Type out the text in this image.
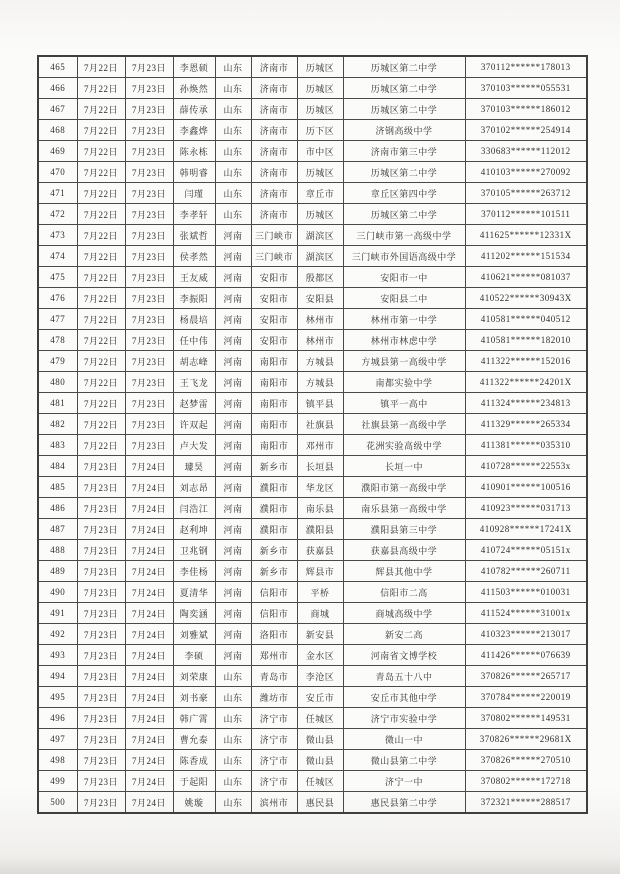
465	7月22日	7月23日	李恩硕	山东	济南市	历城区	历城区第二中学	370112******178013
466	7月22日	7月23日	孙焕然	山东	济南市	历城区	历城区第二中学	370103******055531
467	7月22日	7月23日	薛传承	山东	济南市	历城区	历城区第二中学	370103******186012
468	7月22日	7月23日	李鑫烨	山东	济南市	历下区	济钢高级中学	370102******254914
469	7月22日	7月23日	陈永栋	山东	济南市	市中区	济南市第三中学	330683******112012
470	7月22日	7月23日	韩明睿	山东	济南市	历城区	历城区第二中学	410103******270092
471	7月22日	7月23日	闫瑾	山东	济南市	章丘市	章丘区第四中学	370105******263712
472	7月22日	7月23日	李孝轩	山东	济南市	历城区	历城区第二中学	370112******101511
473	7月22日	7月23日	张斌哲	河南	三门峡市	湖滨区	三门峡市第一高级中学	411625******12331X
474	7月22日	7月23日	侯孝然	河南	三门峡市	湖滨区	三门峡市外国语高级中学	411202******151534
475	7月22日	7月23日	王友威	河南	安阳市	殷都区	安阳市一中	410621******081037
476	7月22日	7月23日	李振阳	河南	安阳市	安阳县	安阳县二中	410522******30943X
477	7月22日	7月23日	杨晨培	河南	安阳市	林州市	林州市第一中学	410581******040512
478	7月22日	7月23日	任中伟	河南	安阳市	林州市	林州市林虑中学	410581******182010
479	7月22日	7月23日	胡志峰	河南	南阳市	方城县	方城县第一高级中学	411322******152016
480	7月22日	7月23日	王飞龙	河南	南阳市	方城县	南都实验中学	411322******24201X
481	7月22日	7月23日	赵梦雷	河南	南阳市	镇平县	镇平一高中	411324******234813
482	7月22日	7月23日	许双起	河南	南阳市	社旗县	社旗县第一高级中学	411329******265334
483	7月22日	7月23日	卢大发	河南	南阳市	邓州市	花洲实验高级中学	411381******035310
484	7月23日	7月24日	璩昊	河南	新乡市	长垣县	长垣一中	410728******22553x
485	7月23日	7月24日	刘志昂	河南	濮阳市	华龙区	濮阳市第一高级中学	410901******100516
486	7月23日	7月24日	闫浩江	河南	濮阳市	南乐县	南乐县第一高级中学	410923******031713
487	7月23日	7月24日	赵利坤	河南	濮阳市	濮阳县	濮阳县第三中学	410928******17241X
488	7月23日	7月24日	卫兆钢	河南	新乡市	获嘉县	获嘉县高级中学	410724******05151x
489	7月23日	7月24日	李佳杨	河南	新乡市	辉县市	辉县其他中学	410782******260711
490	7月23日	7月24日	夏清华	河南	信阳市	平桥	信阳市二高	411503******010031
491	7月23日	7月24日	陶奕涵	河南	信阳市	商城	商城高级中学	411524******31001x
492	7月23日	7月24日	刘雅斌	河南	洛阳市	新安县	新安二高	410323******213017
493	7月23日	7月24日	李硕	河南	郑州市	金水区	河南省文博学校	411426******076639
494	7月23日	7月24日	刘荣康	山东	青岛市	李沧区	青岛五十八中	370826******265717
495	7月23日	7月24日	刘书豪	山东	潍坊市	安丘市	安丘市其他中学	370784******220019
496	7月23日	7月24日	韩广霄	山东	济宁市	任城区	济宁市实验中学	370802******149531
497	7月23日	7月24日	曹允泰	山东	济宁市	微山县	微山一中	370826******29681X
498	7月23日	7月24日	陈香成	山东	济宁市	微山县	微山县第二中学	370826******270510
499	7月23日	7月24日	于起阳	山东	济宁市	任城区	济宁一中	370802******172718
500	7月23日	7月24日	姚璇	山东	滨州市	惠民县	惠民县第二中学	372321******288517
